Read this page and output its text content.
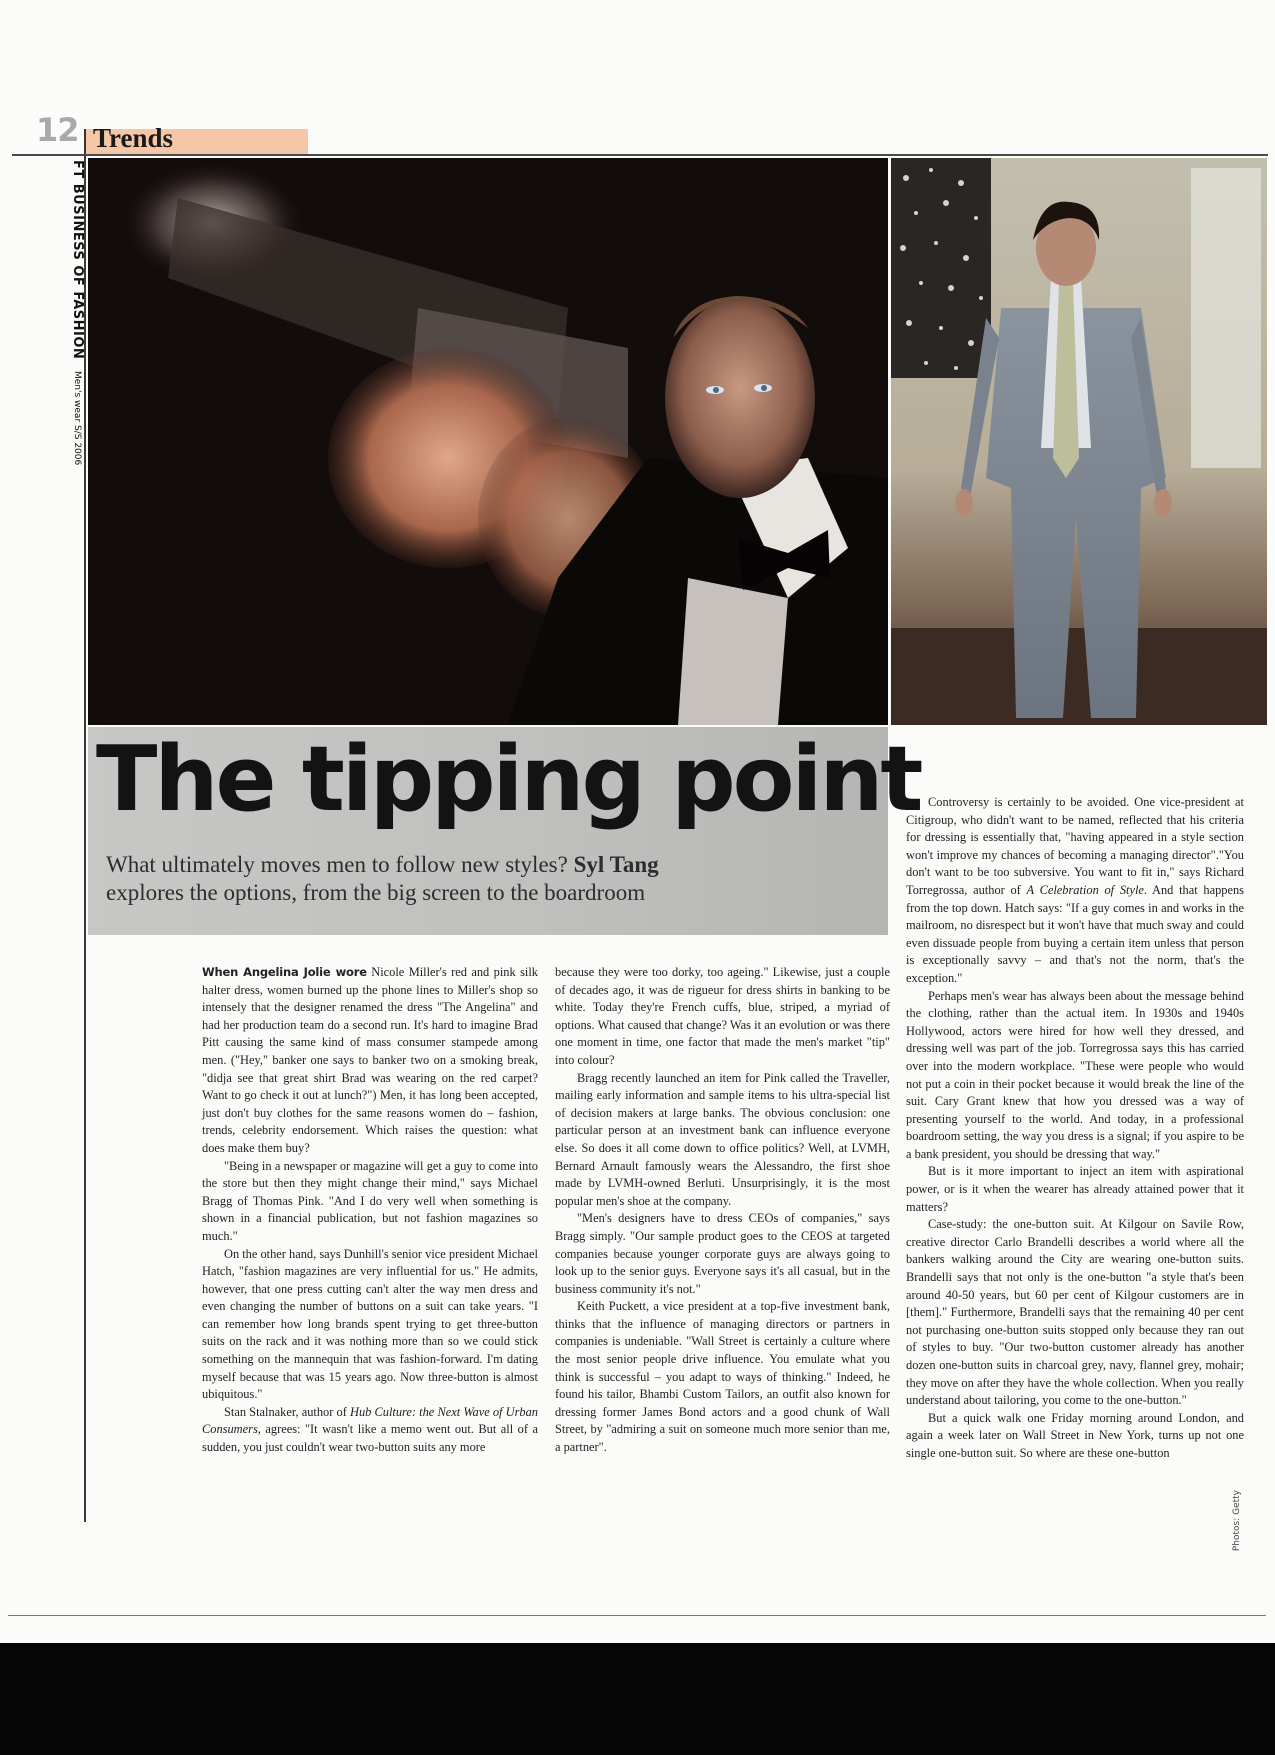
12 Trends
FT BUSINESS OF FASHION Men's wear S/S 2006
Photos: Getty
The tipping point
What ultimately moves men to follow new styles? Syl Tang
explores the options, from the big screen to the boardroom

When Angelina Jolie wore Nicole Miller's red and pink silk halter dress, women burned up the phone lines to Miller's shop so intensely that the designer renamed the dress "The Angelina" and had her production team do a second run. It's hard to imagine Brad Pitt causing the same kind of mass consumer stampede among men. ("Hey," banker one says to banker two on a smoking break, "didja see that great shirt Brad was wearing on the red carpet? Want to go check it out at lunch?") Men, it has long been accepted, just don't buy clothes for the same reasons women do – fashion, trends, celebrity endorsement. Which raises the question: what does make them buy?

"Being in a newspaper or magazine will get a guy to come into the store but then they might change their mind," says Michael Bragg of Thomas Pink. "And I do very well when something is shown in a financial publication, but not fashion magazines so much."

On the other hand, says Dunhill's senior vice president Michael Hatch, "fashion magazines are very influential for us." He admits, however, that one press cutting can't alter the way men dress and even changing the number of buttons on a suit can take years. "I can remember how long brands spent trying to get three-button suits on the rack and it was nothing more than so we could stick something on the mannequin that was fashion-forward. I'm dating myself because that was 15 years ago. Now three-button is almost ubiquitous."

Stan Stalnaker, author of Hub Culture: the Next Wave of Urban Consumers, agrees: "It wasn't like a memo went out. But all of a sudden, you just couldn't wear two-button suits any more

because they were too dorky, too ageing." Likewise, just a couple of decades ago, it was de rigueur for dress shirts in banking to be white. Today they're French cuffs, blue, striped, a myriad of options. What caused that change? Was it an evolution or was there one moment in time, one factor that made the men's market "tip" into colour?

Bragg recently launched an item for Pink called the Traveller, mailing early information and sample items to his ultra-special list of decision makers at large banks. The obvious conclusion: one particular person at an investment bank can influence everyone else. So does it all come down to office politics? Well, at LVMH, Bernard Arnault famously wears the Alessandro, the first shoe made by LVMH-owned Berluti. Unsurprisingly, it is the most popular men's shoe at the company.

"Men's designers have to dress CEOs of companies," says Bragg simply. "Our sample product goes to the CEOS at targeted companies because younger corporate guys are always going to look up to the senior guys. Everyone says it's all casual, but in the business community it's not."

Keith Puckett, a vice president at a top-five investment bank, thinks that the influence of managing directors or partners in companies is undeniable. "Wall Street is certainly a culture where the most senior people drive influence. You emulate what you think is successful – you adapt to ways of thinking." Indeed, he found his tailor, Bhambi Custom Tailors, an outfit also known for dressing former James Bond actors and a good chunk of Wall Street, by "admiring a suit on someone much more senior than me, a partner".

Controversy is certainly to be avoided. One vice-president at Citigroup, who didn't want to be named, reflected that his criteria for dressing is essentially that, "having appeared in a style section won't improve my chances of becoming a managing director"."You don't want to be too subversive. You want to fit in," says Richard Torregrossa, author of A Celebration of Style. And that happens from the top down. Hatch says: "If a guy comes in and works in the mailroom, no disrespect but it won't have that much sway and could even dissuade people from buying a certain item unless that person is exceptionally savvy – and that's not the norm, that's the exception."

Perhaps men's wear has always been about the message behind the clothing, rather than the actual item. In 1930s and 1940s Hollywood, actors were hired for how well they dressed, and dressing well was part of the job. Torregrossa says this has carried over into the modern workplace. "These were people who would not put a coin in their pocket because it would break the line of the suit. Cary Grant knew that how you dressed was a way of presenting yourself to the world. And today, in a professional boardroom setting, the way you dress is a signal; if you aspire to be a bank president, you should be dressing that way."

But is it more important to inject an item with aspirational power, or is it when the wearer has already attained power that it matters?

Case-study: the one-button suit. At Kilgour on Savile Row, creative director Carlo Brandelli describes a world where all the bankers walking around the City are wearing one-button suits. Brandelli says that not only is the one-button "a style that's been around 40-50 years, but 60 per cent of Kilgour customers are in [them]." Furthermore, Brandelli says that the remaining 40 per cent not purchasing one-button suits stopped only because they ran out of styles to buy. "Our two-button customer already has another dozen one-button suits in charcoal grey, navy, flannel grey, mohair; they move on after they have the whole collection. When you really understand about tailoring, you come to the one-button."

But a quick walk one Friday morning around London, and again a week later on Wall Street in New York, turns up not one single one-button suit. So where are these one-button
